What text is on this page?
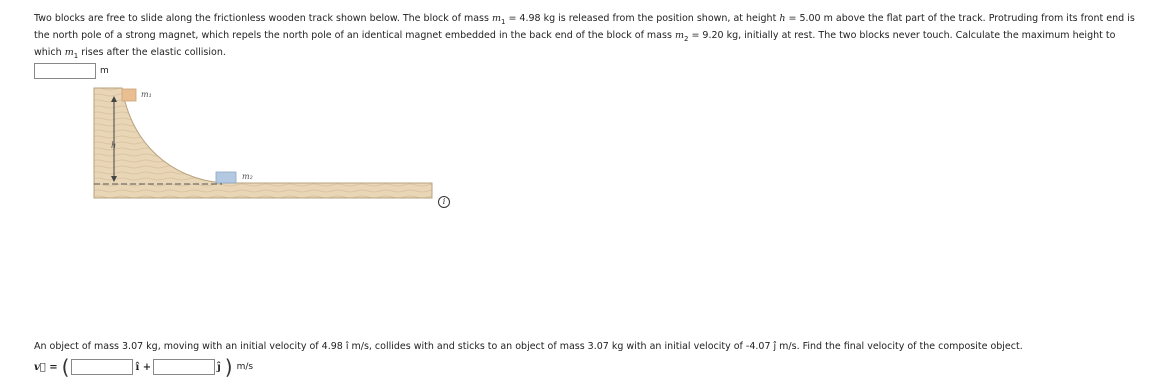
Two blocks are free to slide along the frictionless wooden track shown below. The block of mass $m_1 = 4.98$ kg is released from the position shown, at height h = 5.00 m above the flat part of the track. Protruding from its front end is the north pole of a strong magnet, which repels the north pole of an identical magnet embedded in the back end of the block of mass $m_2 = 9.20$ kg, initially at rest. The two blocks never touch. Calculate the maximum height to which $m_1$ rises after the elastic collision.
m
m₁
h
m₂
i
An object of mass 3.07 kg, moving with an initial velocity of 4.98 î m/s, collides with and sticks to an object of mass 3.07 kg with an initial velocity of -4.07 ĵ m/s. Find the final velocity of the composite object.
v⃗ = (	î +	ĵ ) m/s
